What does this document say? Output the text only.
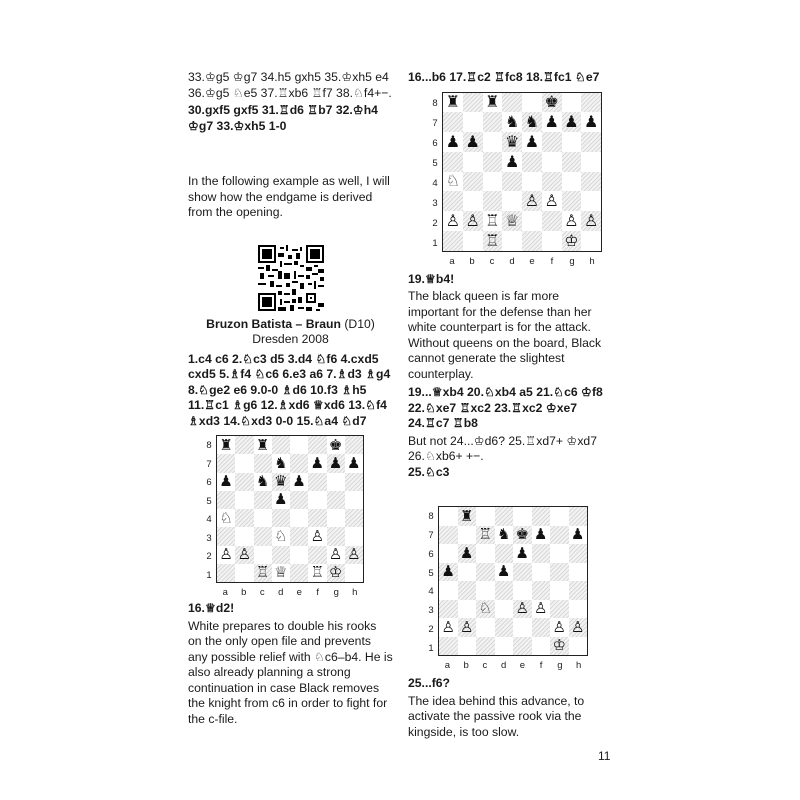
33.♔g5 ♔g7 34.h5 gxh5 35.♔xh5 e4 36.♔g5 ♘e5 37.♖xb6 ♖f7 38.♘f4+−.
30.gxf5 gxf5 31.♖d6 ♖b7 32.♔h4 ♔g7 33.♔xh5 1-0
In the following example as well, I will show how the endgame is derived from the opening.
Bruzon Batista – Braun (D10)
Dresden 2008
1.c4 c6 2.♘c3 d5 3.d4 ♘f6 4.cxd5 cxd5 5.♗f4 ♘c6 6.e3 a6 7.♗d3 ♗g4 8.♘ge2 e6 9.0-0 ♗d6 10.f3 ♗h5 11.♖c1 ♗g6 12.♗xd6 ♕xd6 13.♘f4 ♗xd3 14.♘xd3 0-0 15.♘a4 ♘d7
♜ ♜	♚
♞ ♟ ♟ ♟
♟ ♞ ♛ ♟
♟
♘
♘ ♙
♙ ♙	♙ ♙
♖ ♕ ♖ ♔
8
7
6
5
4
3
2
1
a	b	c	d	e	f	g	h
16.♕d2!
White prepares to double his rooks on the only open file and prevents any possible relief with ♘c6–b4. He is also already planning a strong continuation in case Black removes the knight from c6 in order to fight for the c-file.
16...b6 17.♖c2 ♖fc8 18.♖fc1 ♘e7
♜ ♜	♚
♞ ♞ ♟ ♟ ♟
♟ ♟ ♛ ♟
♟
♘
♙ ♙
♙ ♙ ♖ ♕	♙ ♙
♖	♔
8
7
6
5
4
3
2
1
a	b	c	d	e	f	g	h
19.♕b4!
The black queen is far more important for the defense than her white counterpart is for the attack. Without queens on the board, Black cannot generate the slightest counterplay.
19...♕xb4 20.♘xb4 a5 21.♘c6 ♔f8 22.♘xe7 ♖xc2 23.♖xc2 ♔xe7 24.♖c7 ♖b8
But not 24...♔d6? 25.♖xd7+ ♔xd7 26.♘xb6+ +−.
25.♘c3
♜
♖ ♞ ♚ ♟ ♟
♟	♟
♟	♟
♘ ♙ ♙
♙ ♙	♙ ♙
♔
8
7
6
5
4
3
2
1
a	b	c	d	e	f	g	h
25...f6?
The idea behind this advance, to activate the passive rook via the kingside, is too slow.
11
